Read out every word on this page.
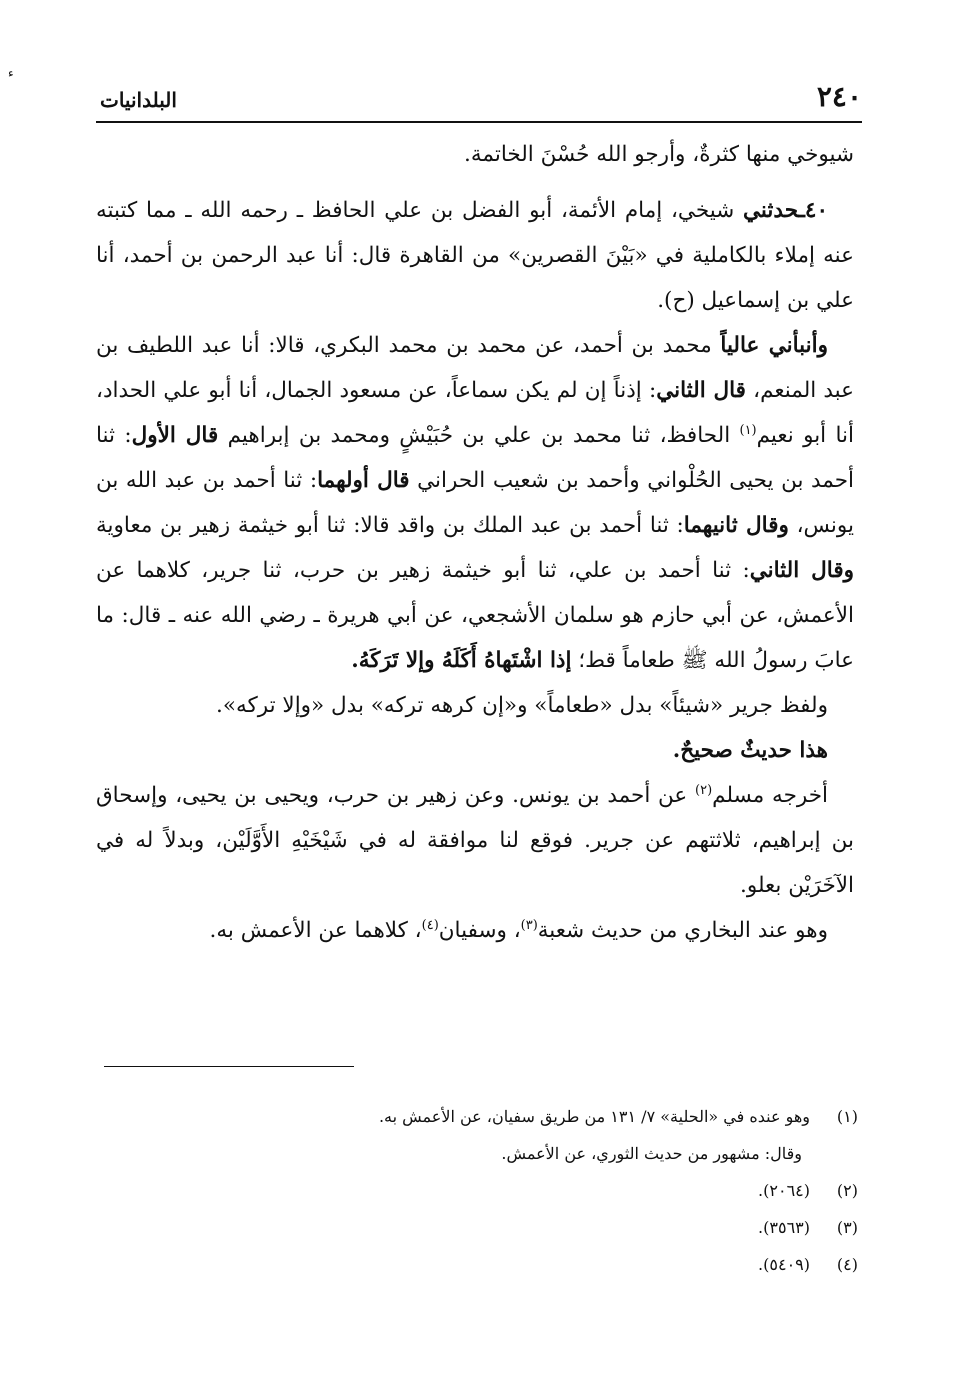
ء
٢٤٠
البلدانيات

شيوخي منها كثرةٌ، وأرجو الله حُسْنَ الخاتمة.

٤٠ـحدثني شيخي، إمام الأئمة، أبو الفضل بن علي الحافظ ـ رحمه الله ـ مما كتبته عنه إملاء بالكاملية في «بَيْنَ القصرين» من القاهرة قال: أنا عبد الرحمن بن أحمد، أنا علي بن إسماعيل (ح).

وأنبأني عالياً محمد بن أحمد، عن محمد بن محمد البكري، قالا: أنا عبد اللطيف بن عبد المنعم، قال الثاني: إذناً إن لم يكن سماعاً، عن مسعود الجمال، أنا أبو علي الحداد، أنا أبو نعيم$^{(١)}$ الحافظ، ثنا محمد بن علي بن حُبَيْشٍ ومحمد بن إبراهيم قال الأول: ثنا أحمد بن يحيى الحُلْواني وأحمد بن شعيب الحراني قال أولهما: ثنا أحمد بن عبد الله بن يونس، وقال ثانيهما: ثنا أحمد بن عبد الملك بن واقد قالا: ثنا أبو خيثمة زهير بن معاوية وقال الثاني: ثنا أحمد بن علي، ثنا أبو خيثمة زهير بن حرب، ثنا جرير، كلاهما عن الأعمش، عن أبي حازم هو سلمان الأشجعي، عن أبي هريرة ـ رضي الله عنه ـ قال: ما عابَ رسولُ الله ﷺ طعاماً قط؛ إذا اشْتَهاهُ أَكَلَهُ وإلا تَرَكَهُ.

ولفظ جرير «شيئاً» بدل «طعاماً» و«إن كرهه تركه» بدل «وإلا تركه».

هذا حديثٌ صحيحٌ.

أخرجه مسلم$^{(٢)}$ عن أحمد بن يونس. وعن زهير بن حرب، ويحيى بن يحيى، وإسحاق بن إبراهيم، ثلاثتهم عن جرير. فوقع لنا موافقة له في شَيْخَيْهِ الأَوَّلَيْن، وبدلاً له في الآخَرَيْن بعلو.

وهو عند البخاري من حديث شعبة$^{(٣)}$، وسفيان$^{(٤)}$، كلاهما عن الأعمش به.

(١)وهو عنده في «الحلية» ٧/ ١٣١ من طريق سفيان، عن الأعمش به.

وقال: مشهور من حديث الثوري، عن الأعمش.

(٢)(٢٠٦٤).

(٣)(٣٥٦٣).

(٤)(٥٤٠٩).
